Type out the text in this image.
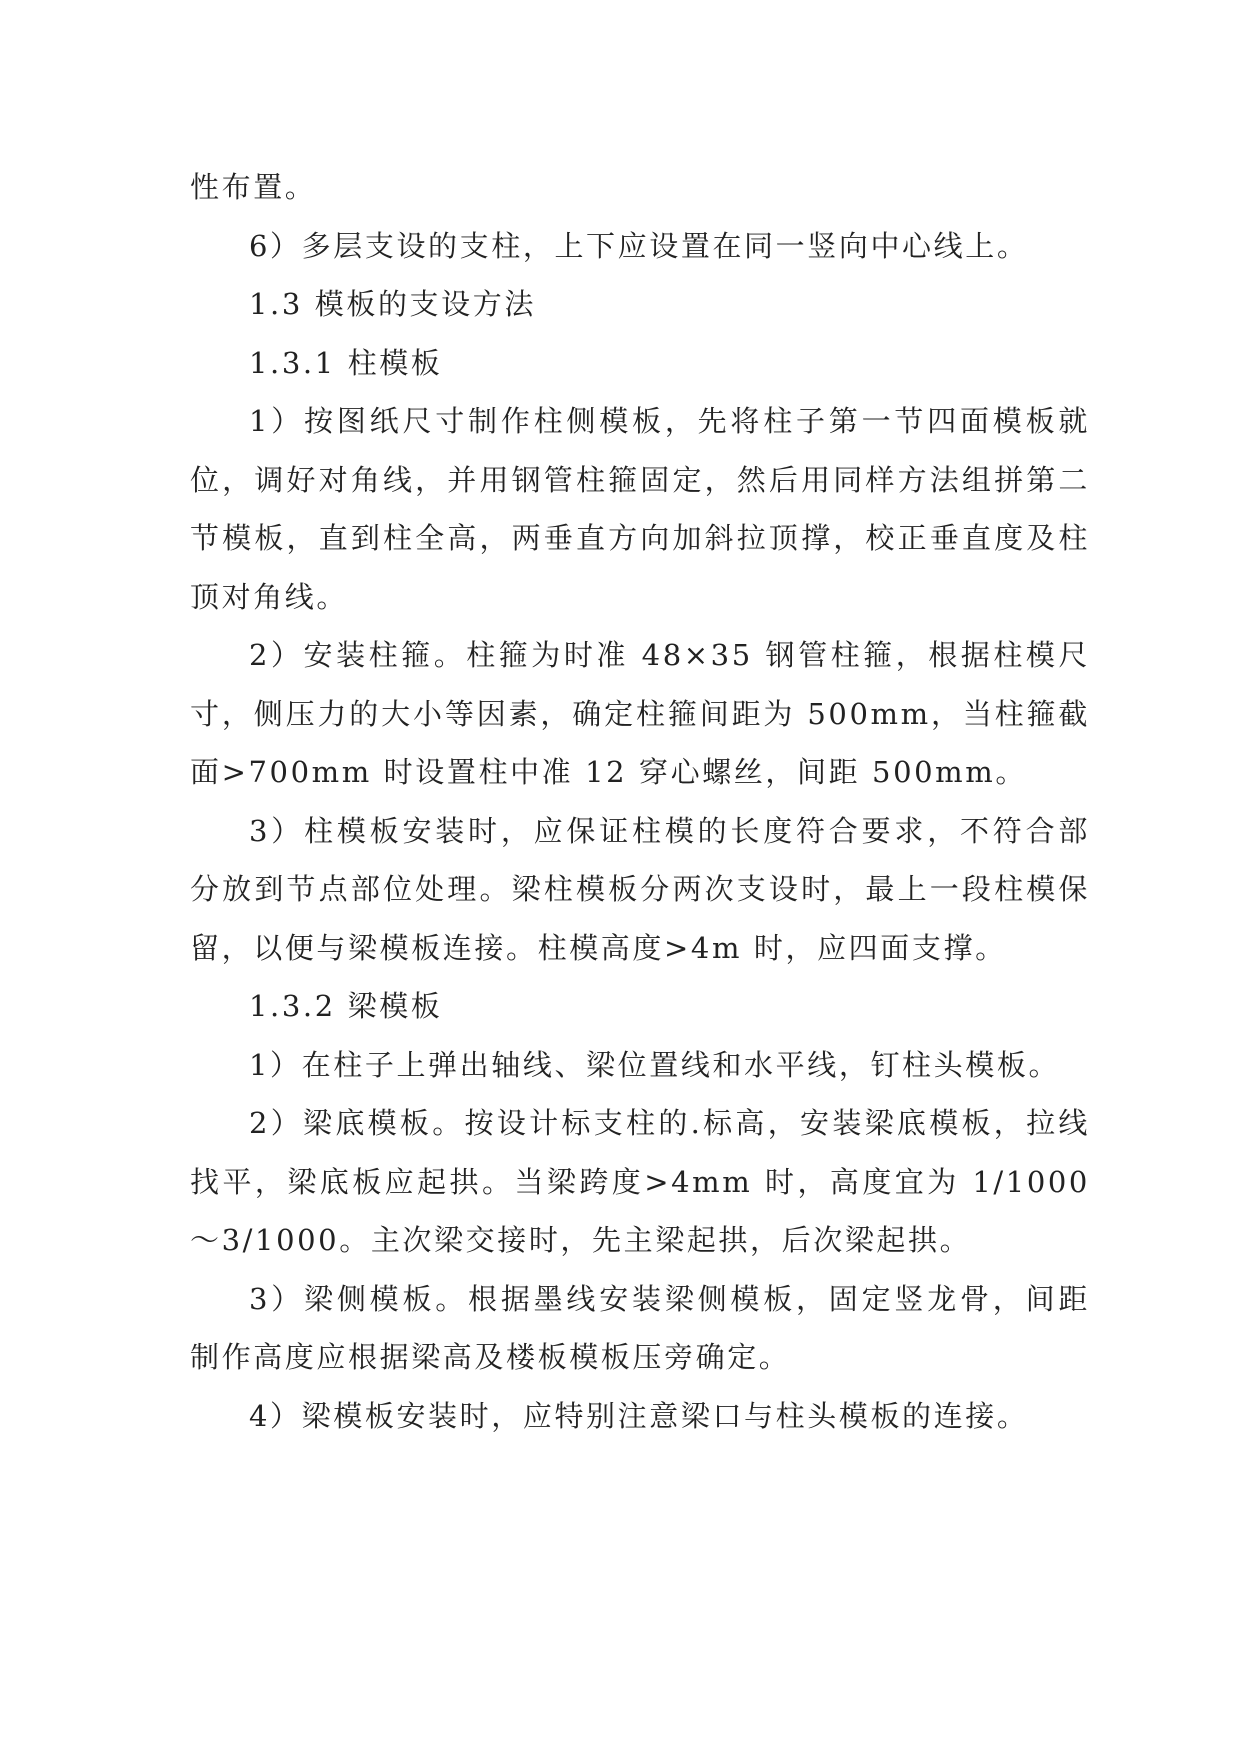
性布置。

6）多层支设的支柱，上下应设置在同一竖向中心线上。

1.3 模板的支设方法

1.3.1 柱模板

1）按图纸尺寸制作柱侧模板，先将柱子第一节四面模板就位，调好对角线，并用钢管柱箍固定，然后用同样方法组拼第二节模板，直到柱全高，两垂直方向加斜拉顶撑，校正垂直度及柱顶对角线。

2）安装柱箍。柱箍为时准 48×35 钢管柱箍，根据柱模尺寸，侧压力的大小等因素，确定柱箍间距为 500mm，当柱箍截面>700mm 时设置柱中准 12 穿心螺丝，间距 500mm。

3）柱模板安装时，应保证柱模的长度符合要求，不符合部分放到节点部位处理。梁柱模板分两次支设时，最上一段柱模保留，以便与梁模板连接。柱模高度>4m 时，应四面支撑。

1.3.2 梁模板

1）在柱子上弹出轴线、梁位置线和水平线，钉柱头模板。

2）梁底模板。按设计标支柱的.标高，安装梁底模板，拉线找平，梁底板应起拱。当梁跨度>4mm 时，高度宜为 1/1000～3/1000。主次梁交接时，先主梁起拱，后次梁起拱。

3）梁侧模板。根据墨线安装梁侧模板，固定竖龙骨，间距制作高度应根据梁高及楼板模板压旁确定。

4）梁模板安装时，应特别注意梁口与柱头模板的连接。
